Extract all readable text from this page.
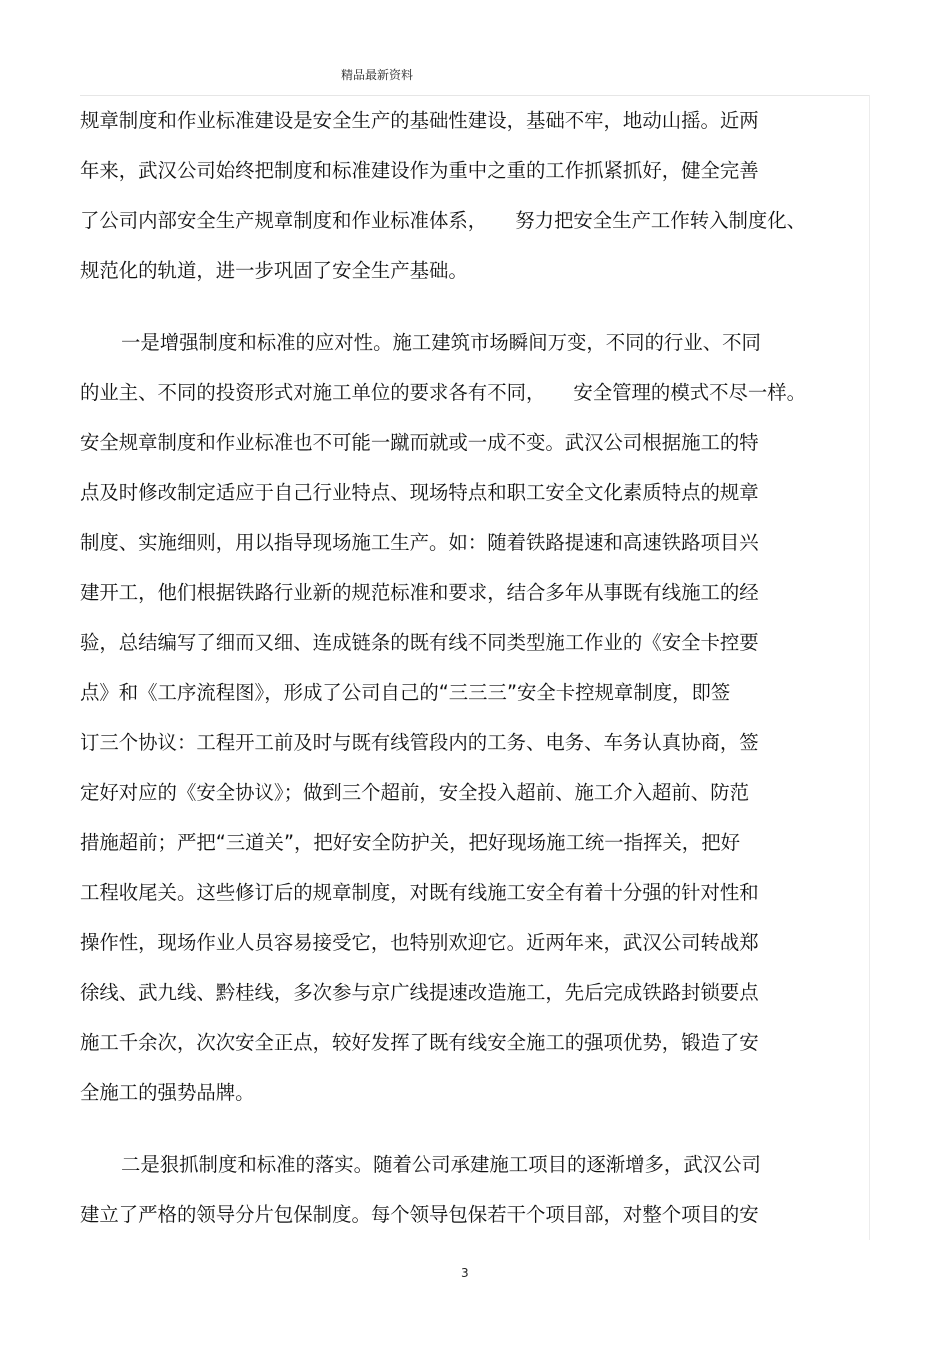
精品最新资料
规章制度和作业标准建设是安全生产的基础性建设，基础不牢，地动山摇。近两
年来，武汉公司始终把制度和标准建设作为重中之重的工作抓紧抓好，健全完善
了公司内部安全生产规章制度和作业标准体系， 努力把安全生产工作转入制度化、
规范化的轨道，进一步巩固了安全生产基础。
一是增强制度和标准的应对性。施工建筑市场瞬间万变，不同的行业、不同
的业主、不同的投资形式对施工单位的要求各有不同， 安全管理的模式不尽一样。
安全规章制度和作业标准也不可能一蹴而就或一成不变。武汉公司根据施工的特
点及时修改制定适应于自己行业特点、现场特点和职工安全文化素质特点的规章
制度、实施细则，用以指导现场施工生产。如：随着铁路提速和高速铁路项目兴
建开工，他们根据铁路行业新的规范标准和要求，结合多年从事既有线施工的经
验，总结编写了细而又细、连成链条的既有线不同类型施工作业的《安全卡控要
点》和《工序流程图》，形成了公司自己的“三三三”安全卡控规章制度，即签
订三个协议：工程开工前及时与既有线管段内的工务、电务、车务认真协商，签
定好对应的《安全协议》；做到三个超前，安全投入超前、施工介入超前、防范
措施超前；严把“三道关”，把好安全防护关，把好现场施工统一指挥关，把好
工程收尾关。这些修订后的规章制度，对既有线施工安全有着十分强的针对性和
操作性，现场作业人员容易接受它，也特别欢迎它。近两年来，武汉公司转战郑
徐线、武九线、黔桂线，多次参与京广线提速改造施工，先后完成铁路封锁要点
施工千余次，次次安全正点，较好发挥了既有线安全施工的强项优势，锻造了安
全施工的强势品牌。
二是狠抓制度和标准的落实。随着公司承建施工项目的逐渐增多，武汉公司
建立了严格的领导分片包保制度。每个领导包保若干个项目部，对整个项目的安
3
